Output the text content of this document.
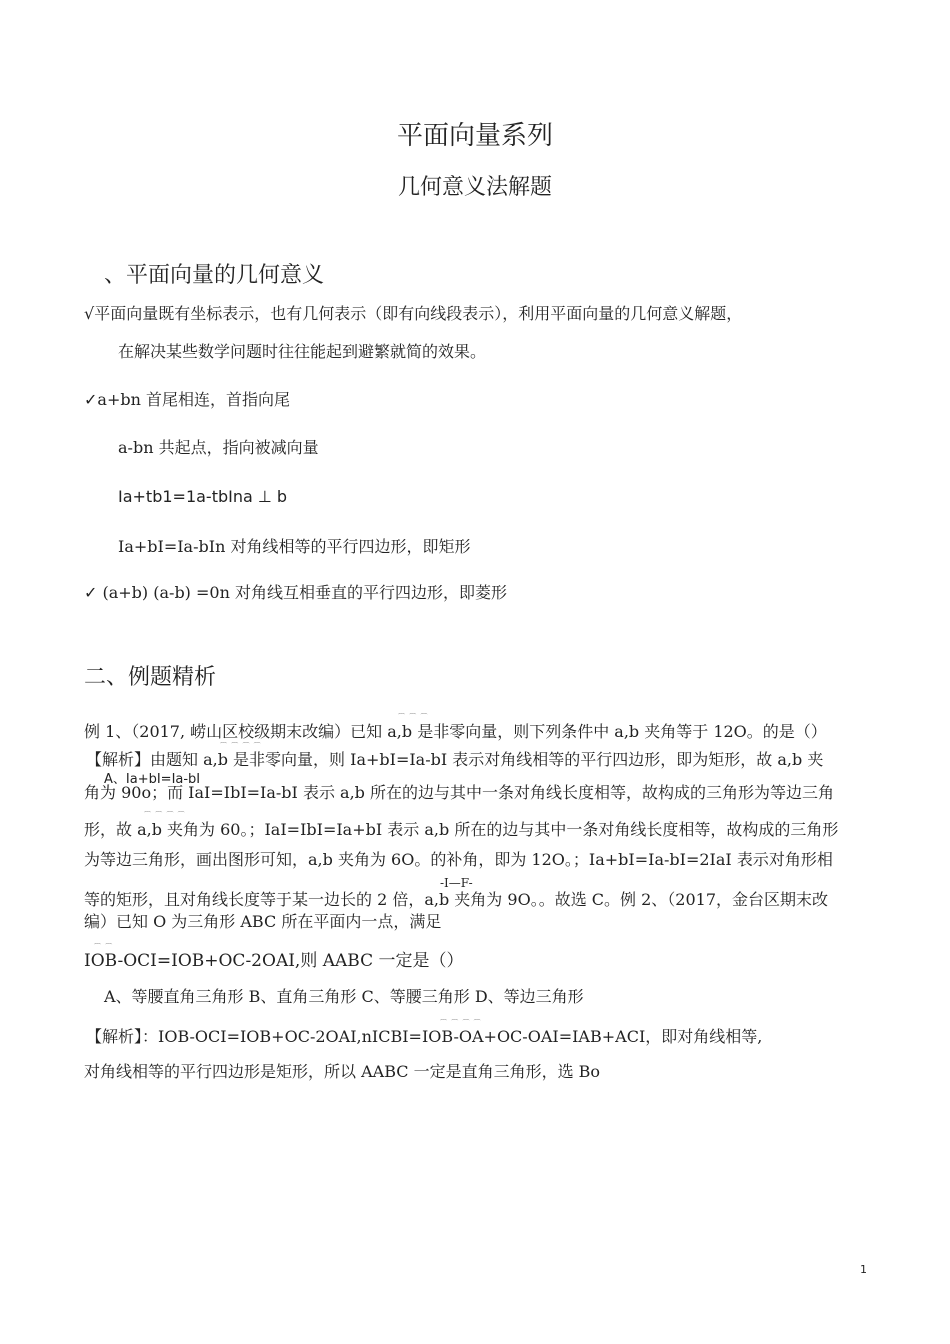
平面向量系列
几何意义法解题
、平面向量的几何意义
√平面向量既有坐标表示，也有几何表示（即有向线段表示），利用平面向量的几何意义解题，
在解决某些数学问题时往往能起到避繁就简的效果。
✓a+bn 首尾相连，首指向尾
a-bn 共起点，指向被减向量
Ia+tb1=1a-tbIna ⊥ b
Ia+bI=Ia-bIn 对角线相等的平行四边形，即矩形
✓ (a+b) (a-b) =0n 对角线互相垂直的平行四边形，即菱形
二、例题精析
⌒ ⌒ ⌒
例 1、（2017, 崂山区校级期末改编）已知 a,b 是非零向量，则下列条件中 a,b 夹角等于 12O。的是（）
【解析】由题知 a,b 是非零向量，则 Ia+bI=Ia-bI 表示对角线相等的平行四边形，即为矩形，故 a,b 夹
⌒ ⌒ ⌒ ⌒
A、Ia+bI=Ia-bI
角为 90o；而 IaI=IbI=Ia-bI 表示 a,b 所在的边与其中一条对角线长度相等，故构成的三角形为等边三角
⌒ ⌒ ⌒ ⌒
形，故 a,b 夹角为 60。；IaI=IbI=Ia+bI 表示 a,b 所在的边与其中一条对角线长度相等，故构成的三角形
为等边三角形，画出图形可知，a,b 夹角为 6O。的补角，即为 12O。；Ia+bI=Ia-bI=2IaI 表示对角形相
-I—F-
等的矩形，且对角线长度等于某一边长的 2 倍，a,b 夹角为 9O。。故选 C。例 2、（2017，金台区期末改
编）已知 O 为三角形 ABC 所在平面内一点，满足
⌒ ⌒
IOB-OCI=IOB+OC-2OAI,则 AABC 一定是（）
A、等腰直角三角形 B、直角三角形 C、等腰三角形 D、等边三角形
⌒ ⌒ ⌒ ⌒
【解析】：IOB-OCI=IOB+OC-2OAI,nICBI=IOB-OA+OC-OAI=IAB+ACI，即对角线相等,
对角线相等的平行四边形是矩形，所以 AABC 一定是直角三角形，选 Bo
1
